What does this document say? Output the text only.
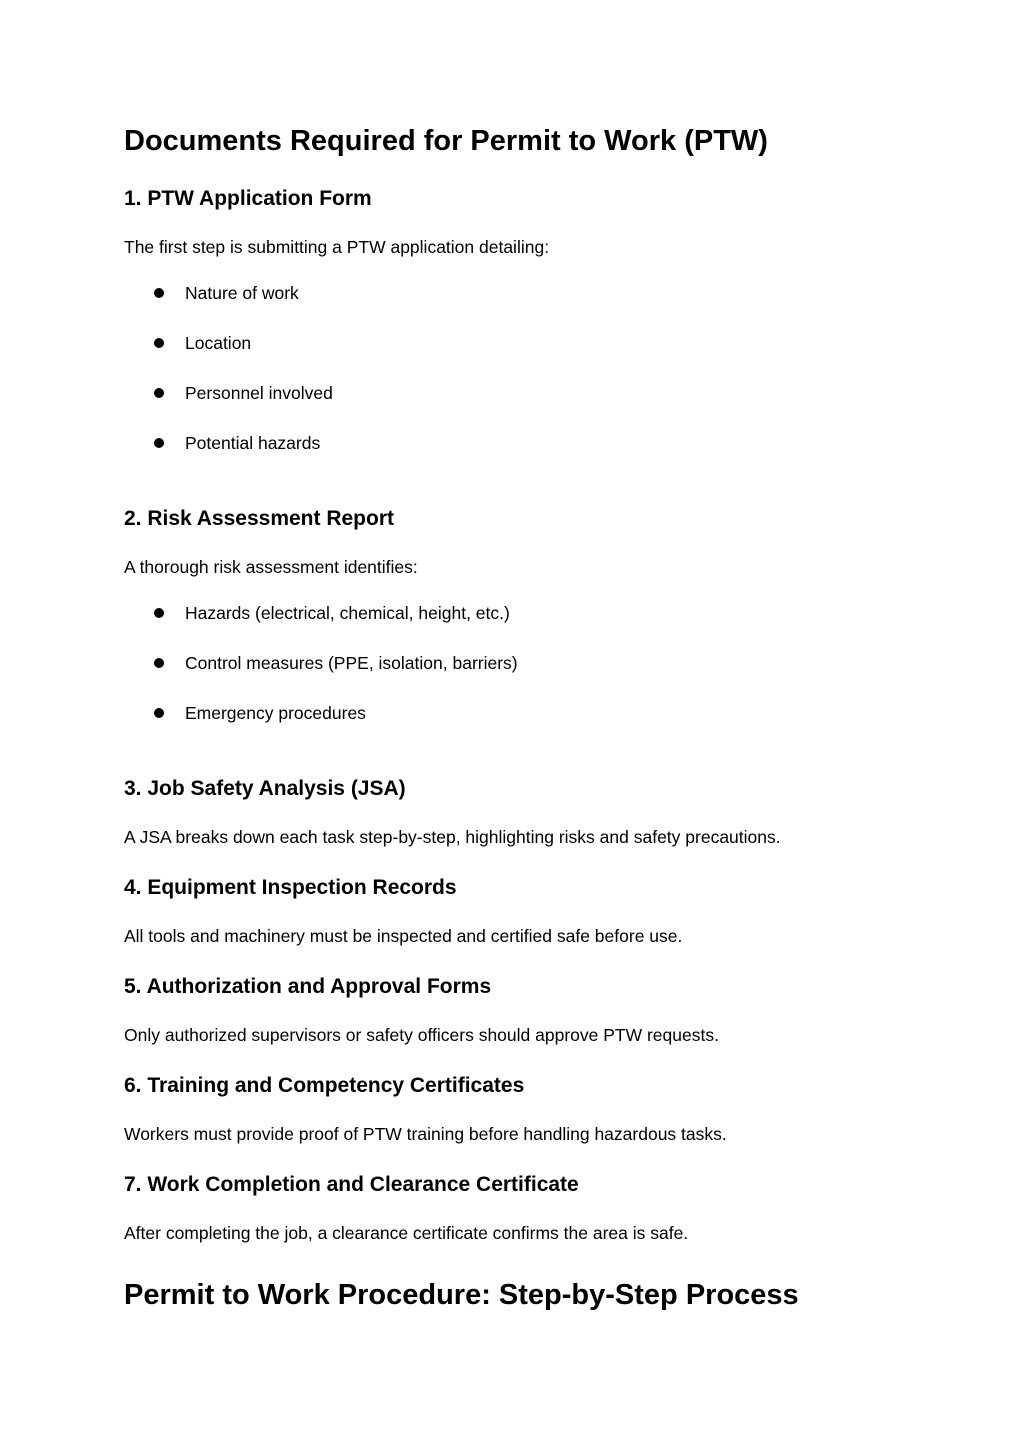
Documents Required for Permit to Work (PTW)
1. PTW Application Form

The first step is submitting a PTW application detailing:

Nature of work
Location
Personnel involved
Potential hazards
2. Risk Assessment Report

A thorough risk assessment identifies:

Hazards (electrical, chemical, height, etc.)
Control measures (PPE, isolation, barriers)
Emergency procedures
3. Job Safety Analysis (JSA)

A JSA breaks down each task step-by-step, highlighting risks and safety precautions.

4. Equipment Inspection Records

All tools and machinery must be inspected and certified safe before use.

5. Authorization and Approval Forms

Only authorized supervisors or safety officers should approve PTW requests.

6. Training and Competency Certificates

Workers must provide proof of PTW training before handling hazardous tasks.

7. Work Completion and Clearance Certificate

After completing the job, a clearance certificate confirms the area is safe.

Permit to Work Procedure: Step-by-Step Process
